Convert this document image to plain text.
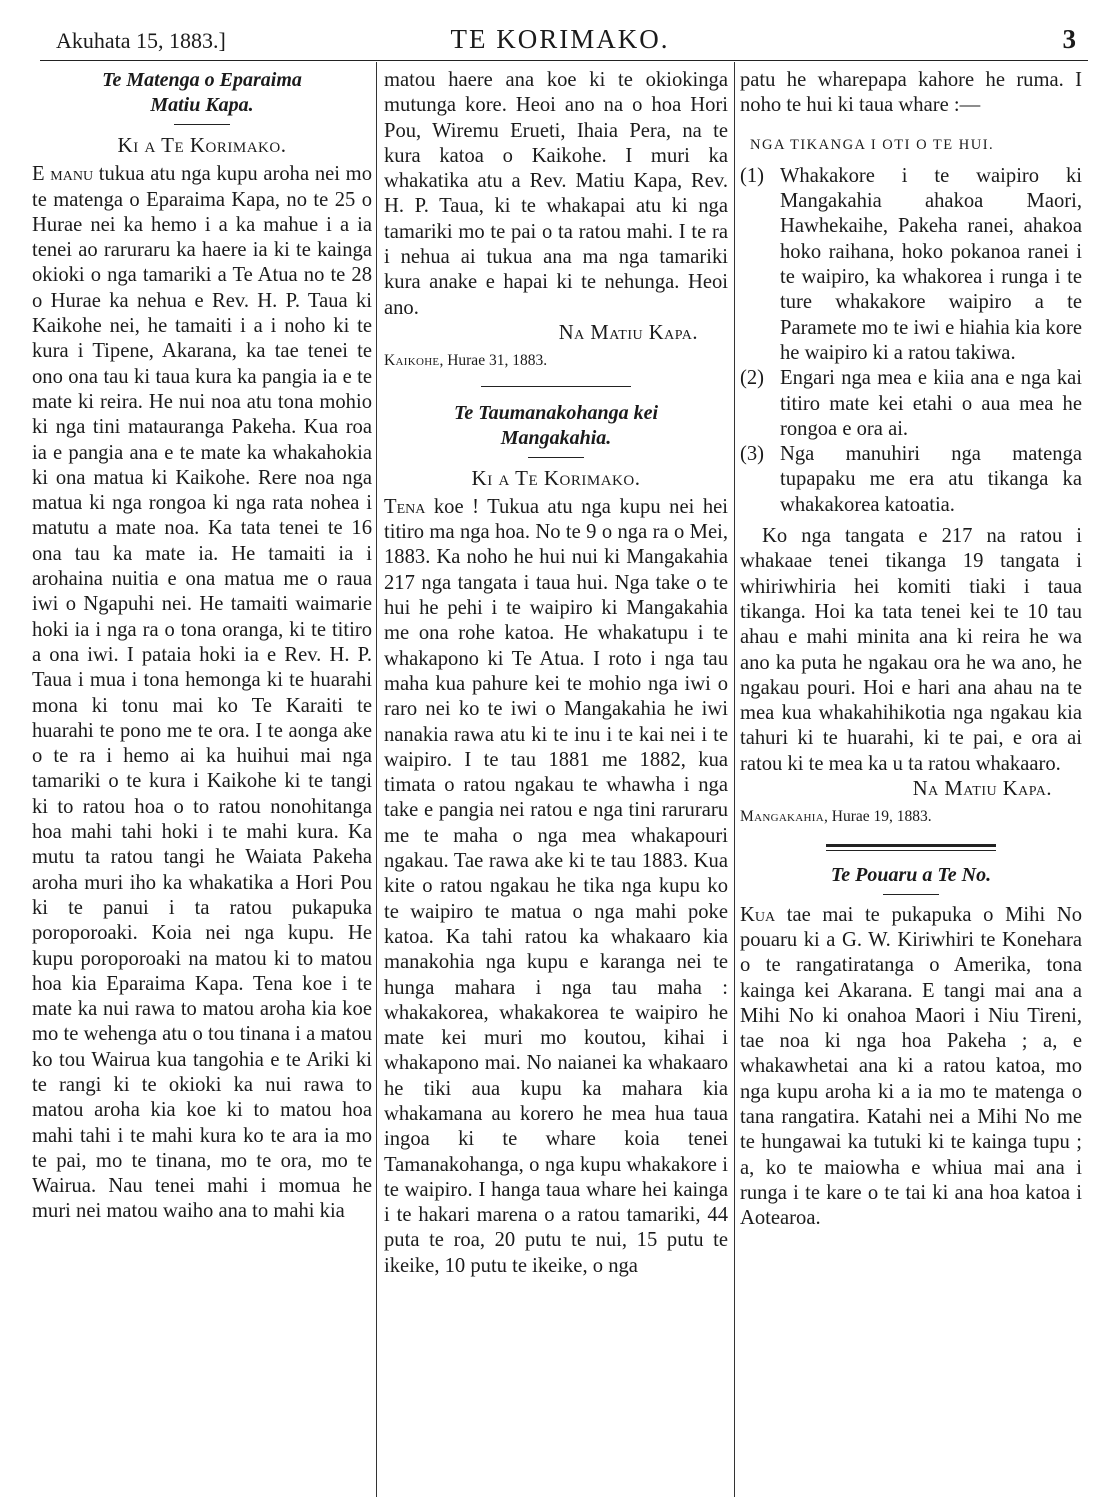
Akuhata 15, 1883.]	TE KORIMAKO.	3
Te Matenga o Eparaima
Matiu Kapa.
Ki a Te Korimako.

E manu tukua atu nga kupu aroha nei mo te matenga o Eparaima Kapa, no te 25 o Hurae nei ka hemo i a ka mahue i a ia tenei ao raruraru ka haere ia ki te kainga okioki o nga tamariki a Te Atua no te 28 o Hurae ka nehua e Rev. H. P. Taua ki Kaikohe nei, he tamaiti i a i noho ki te kura i Tipene, Akarana, ka tae tenei te ono ona tau ki taua kura ka pangia ia e te mate ki reira. He nui noa atu tona mohio ki nga tini matauranga Pakeha. Kua roa ia e pangia ana e te mate ka whakahokia ki ona matua ki Kaikohe. Rere noa nga matua ki nga rongoa ki nga rata nohea i matutu a mate noa. Ka tata tenei te 16 ona tau ka mate ia. He tamaiti ia i arohaina nuitia e ona matua me o raua iwi o Ngapuhi nei. He tamaiti waimarie hoki ia i nga ra o tona oranga, ki te titiro a ona iwi. I pataia hoki ia e Rev. H. P. Taua i mua i tona hemonga ki te huarahi mona ki tonu mai ko Te Karaiti te huarahi te pono me te ora. I te aonga ake o te ra i hemo ai ka huihui mai nga tamariki o te kura i Kaikohe ki te tangi ki to ratou hoa o to ratou nonohitanga hoa mahi tahi hoki i te mahi kura. Ka mutu ta ratou tangi he Waiata Pakeha aroha muri iho ka whakatika a Hori Pou ki te panui i ta ratou pukapuka poroporoaki. Koia nei nga kupu. He kupu poroporoaki na matou ki to matou hoa kia Eparaima Kapa. Tena koe i te mate ka nui rawa to matou aroha kia koe mo te wehenga atu o tou tinana i a matou ko tou Wairua kua tangohia e te Ariki ki te rangi ki te okioki ka nui rawa to matou aroha kia koe ki to matou hoa mahi tahi i te mahi kura ko te ara ia mo te pai, mo te tinana, mo te ora, mo te Wairua. Nau tenei mahi i momua he muri nei matou waiho ana to mahi kia

matou haere ana koe ki te okiokinga mutunga kore. Heoi ano na o hoa Hori Pou, Wiremu Erueti, Ihaia Pera, na te kura katoa o Kaikohe. I muri ka whakatika atu a Rev. Matiu Kapa, Rev. H. P. Taua, ki te whakapai atu ki nga tamariki mo te pai o ta ratou mahi. I te ra i nehua ai tukua ana ma nga tamariki kura anake e hapai ki te nehunga. Heoi ano.

Na Matiu Kapa.
Kaikohe, Hurae 31, 1883.
Te Taumanakohanga kei
Mangakahia.
Ki a Te Korimako.

Tena koe ! Tukua atu nga kupu nei hei titiro ma nga hoa. No te 9 o nga ra o Mei, 1883. Ka noho he hui nui ki Mangakahia 217 nga tangata i taua hui. Nga take o te hui he pehi i te waipiro ki Mangakahia me ona rohe katoa. He whakatupu i te whakapono ki Te Atua. I roto i nga tau maha kua pahure kei te mohio nga iwi o raro nei ko te iwi o Mangakahia he iwi nanakia rawa atu ki te inu i te kai nei i te waipiro. I te tau 1881 me 1882, kua timata o ratou ngakau te whawha i nga take e pangia nei ratou e nga tini raruraru me te maha o nga mea whakapouri ngakau. Tae rawa ake ki te tau 1883. Kua kite o ratou ngakau he tika nga kupu ko te waipiro te matua o nga mahi poke katoa. Ka tahi ratou ka whakaaro kia manakohia nga kupu e karanga nei te hunga mahara i nga tau maha : whakakorea, whakakorea te waipiro he mate kei muri mo koutou, kihai i whakapono mai. No naianei ka whakaaro he tiki aua kupu ka mahara kia whakamana au korero he mea hua taua ingoa ki te whare koia tenei Tamanakohanga, o nga kupu whakakore i te waipiro. I hanga taua whare hei kainga i te hakari marena o a ratou tamariki, 44 puta te roa, 20 putu te nui, 15 putu te ikeike, 10 putu te ikeike, o nga

patu he wharepapa kahore he ruma. I noho te hui ki taua whare :—

NGA TIKANGA I OTI O TE HUI.
(1) Whakakore i te waipiro ki Mangakahia ahakoa Maori, Hawhekaihe, Pakeha ranei, ahakoa hoko raihana, hoko pokanoa ranei i te waipiro, ka whakorea i runga i te ture whakakore waipiro a te Paramete mo te iwi e hiahia kia kore he waipiro ki a ratou takiwa.
(2) Engari nga mea e kiia ana e nga kai titiro mate kei etahi o aua mea he rongoa e ora ai.
(3) Nga manuhiri nga matenga tupapaku me era atu tikanga ka whakakorea katoatia.

Ko nga tangata e 217 na ratou i whakaae tenei tikanga 19 tangata i whiriwhiria hei komiti tiaki i taua tikanga. Hoi ka tata tenei kei te 10 tau ahau e mahi minita ana ki reira he wa ano ka puta he ngakau ora he wa ano, he ngakau pouri. Hoi e hari ana ahau na te mea kua whakahihikotia nga ngakau kia tahuri ki te huarahi, ki te pai, e ora ai ratou ki te mea ka u ta ratou whakaaro.

Na Matiu Kapa.
Mangakahia, Hurae 19, 1883.
Te Pouaru a Te No.

Kua tae mai te pukapuka o Mihi No pouaru ki a G. W. Kiriwhiri te Konehara o te rangatiratanga o Amerika, tona kainga kei Akarana. E tangi mai ana a Mihi No ki onahoa Maori i Niu Tireni, tae noa ki nga hoa Pakeha ; a, e whakawhetai ana ki a ratou katoa, mo nga kupu aroha ki a ia mo te matenga o tana rangatira. Katahi nei a Mihi No me te hungawai ka tutuki ki te kainga tupu ; a, ko te maiowha e whiua mai ana i runga i te kare o te tai ki ana hoa katoa i Aotearoa.
